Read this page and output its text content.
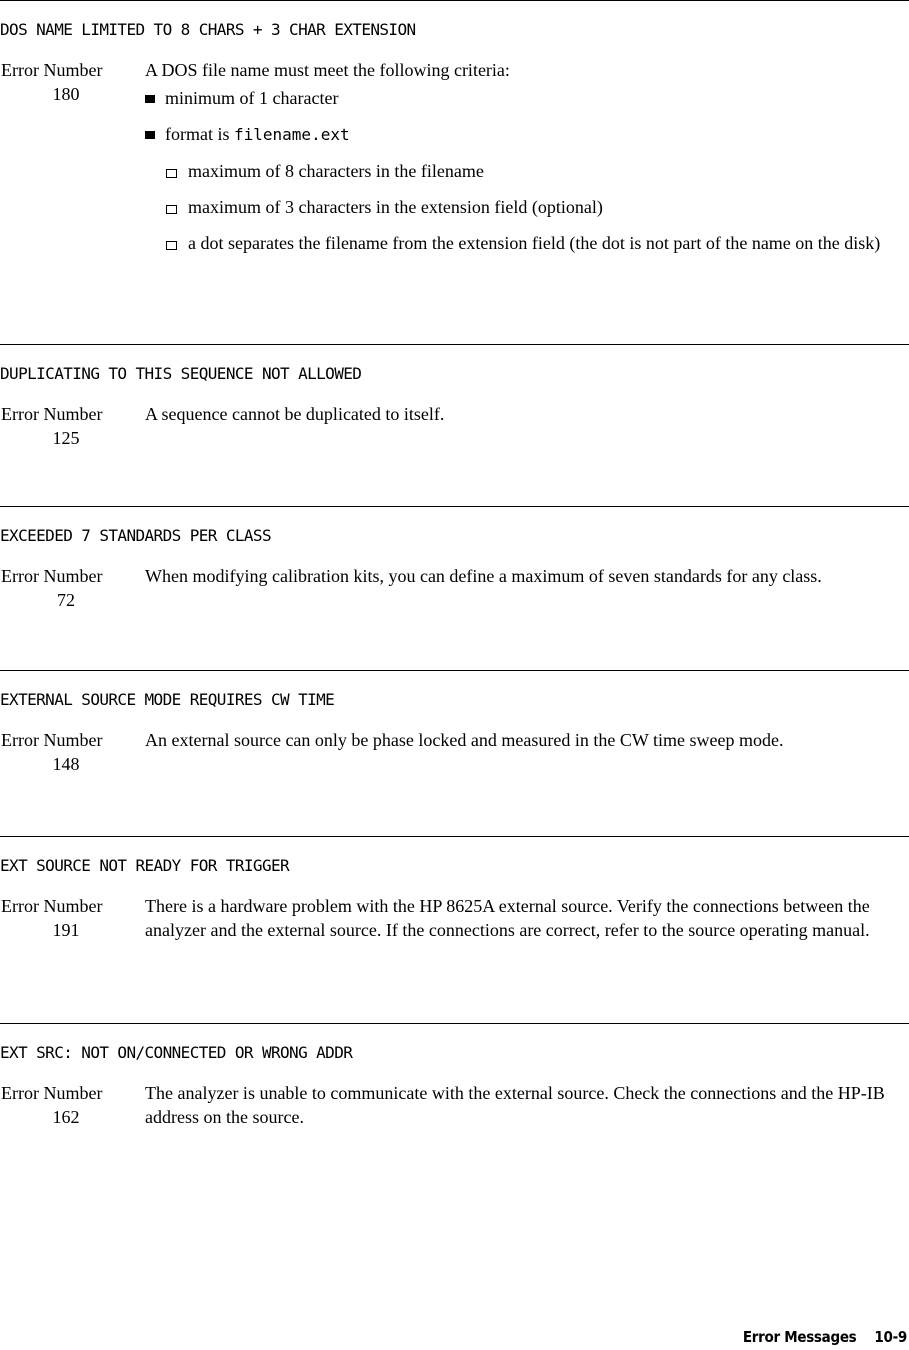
DOS NAME LIMITED TO 8 CHARS + 3 CHAR EXTENSION
Error Number
180

A DOS file name must meet the following criteria:

minimum of 1 character
format is filename.ext
maximum of 8 characters in the filename
maximum of 3 characters in the extension field (optional)
a dot separates the filename from the extension field (the dot is not part of the name on the disk)
DUPLICATING TO THIS SEQUENCE NOT ALLOWED
Error Number
125
A sequence cannot be duplicated to itself.
EXCEEDED 7 STANDARDS PER CLASS
Error Number
72
When modifying calibration kits, you can define a maximum of seven standards for any class.
EXTERNAL SOURCE MODE REQUIRES CW TIME
Error Number
148
An external source can only be phase locked and measured in the CW time sweep mode.
EXT SOURCE NOT READY FOR TRIGGER
Error Number
191
There is a hardware problem with the HP 8625A external source. Verify the connections between the analyzer and the external source. If the connections are correct, refer to the source operating manual.
EXT SRC: NOT ON/CONNECTED OR WRONG ADDR
Error Number
162
The analyzer is unable to communicate with the external source. Check the connections and the HP-IB address on the source.
Error Messages 10-9
